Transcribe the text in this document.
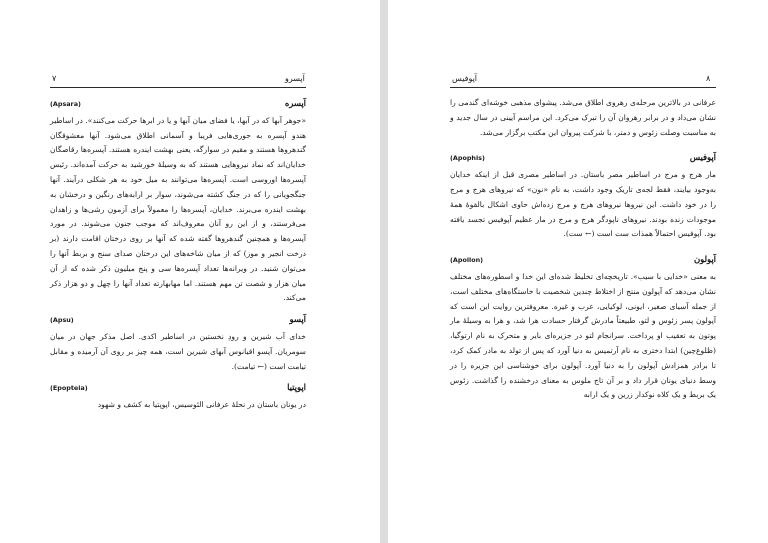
۷	آپسرو
آپسره
(Apsara)

«جوهر آبها که در آبها، یا فضای میان آبها و یا در ابرها حرکت می‌کنند». در اساطیر هندو آپسره به حوری‌هایی فریبا و آسمانی اطلاق می‌شود. آنها معشوقگان گندهرو‌ها هستند و مقیم در سوارگه، یعنی بهشت ایندره هستند. آپسره‌ها رقاصگان خدایان‌اند که نماد نیروهایی هستند که به وسیلهٔ خورشید به حرکت آمده‌اند. رئیس آپسره‌ها اوروسی است. آپسره‌ها می‌توانند به میل خود به هر شکلی درآیند. آنها جنگجویانی را که در جنگ کشته می‌شوند، سوار بر ارابه‌های رنگین و درخشان به بهشت ایندره می‌برند. خدایان، آپسره‌ها را معمولاً برای آزمون رشی‌ها و زاهدان می‌فرستند، و از این رو آنان معروف‌اند که موجب جنون می‌شوند. در مورد آپسره‌ها و همچنین گندهروها گفته شده که آنها بر روی درختان اقامت دارند (بر درخت انجیر و موز) که از میان شاخه‌های این درختان صدای سنج و بربط آنها را می‌توان شنید. در ویرانه‌ها تعداد آپسره‌ها سی و پنج میلیون ذکر شده که از آن میان هزار و شصت تن مهم هستند. اما مهابهارته تعداد آنها را چهل و دو هزار ذکر می‌کند.

آپسو
(Apsu)

خدای آب شیرین و رودِ نخستین در اساطیر اکدی. اصل مذکر جهان در میان سومریان. آپسو اقیانوس آبهای شیرین است، همه چیز بر روی آن آرمیده و مقابل تیامت است (← تیامت).

اپوپتیا
(Epopteia)

در یونان باستان در نحلهٔ عرفانی الئوسیس، اپوپتیا به کشف و شهود

آپوفیس	۸

عرفانی در بالاترین مرحله‌ی رهروی اطلاق می‌شد. پیشوای مذهبی خوشه‌ای گندمی را نشان می‌داد و در برابر رهروان آن را تبرک می‌کرد. این مراسم آیینی در سال جدید و به مناسبت وصلت زئوس و دمتر، با شرکت پیروان این مکتب برگزار می‌شد.

آپوفیس
(Apophis)

مار هرج و مرج در اساطیر مصر باستان. در اساطیر مصری قبل از اینکه خدایان به‌وجود بیایند، فقط لجه‌ی تاریک وجود داشت، به نام «نون» که نیروهای هرج و مرج را در خود داشت. این نیروها نیروهای هرج و مرج زده‌اش حاوی اشکال بالقوهٔ همهٔ موجودات زنده بودند. نیروهای ناپودگر هرج و مرج در مار عظیم آپوفیس تجسد یافته بود. آپوفیس احتمالاً همذات ست است (← ست).

آپولون
(Apollon)

به معنی «خدایی با سیب». تاریخچه‌ای تخلیط شده‌ای این خدا و اسطوره‌های مختلف نشان می‌دهد که آپولون منتج از اختلاط چندین شخصیت با خاستگاه‌های مختلف است، از جمله آسیای صغیر، ایونی، لوکیایی، عرب و غیره. معروفترین روایت این است که آپولون پسر زئوس و لتو، طبیعتاً مادرش گرفتار حسادت هرا شد، و هرا به وسیلهٔ مار پوتون به تعقیب او پرداخت. سرانجام لتو در جزیره‌ای بایر و متحرک به نام ارتوگیا، (ظلوع‌چین) ابتدا دختری به نام آرتمیس به دنیا آورد که پس از تولد به مادر کمک کرد، تا برادر همزادش آپولون را به دنیا آورد. آپولون برای خوشناسی این جزیره را در وسط دنیای یونان قرار داد و بر آن تاج ملوس به معنای درخشنده را گذاشت. زئوس یک بربط و یک کلاه نوکدار زرین و یک ارابه
